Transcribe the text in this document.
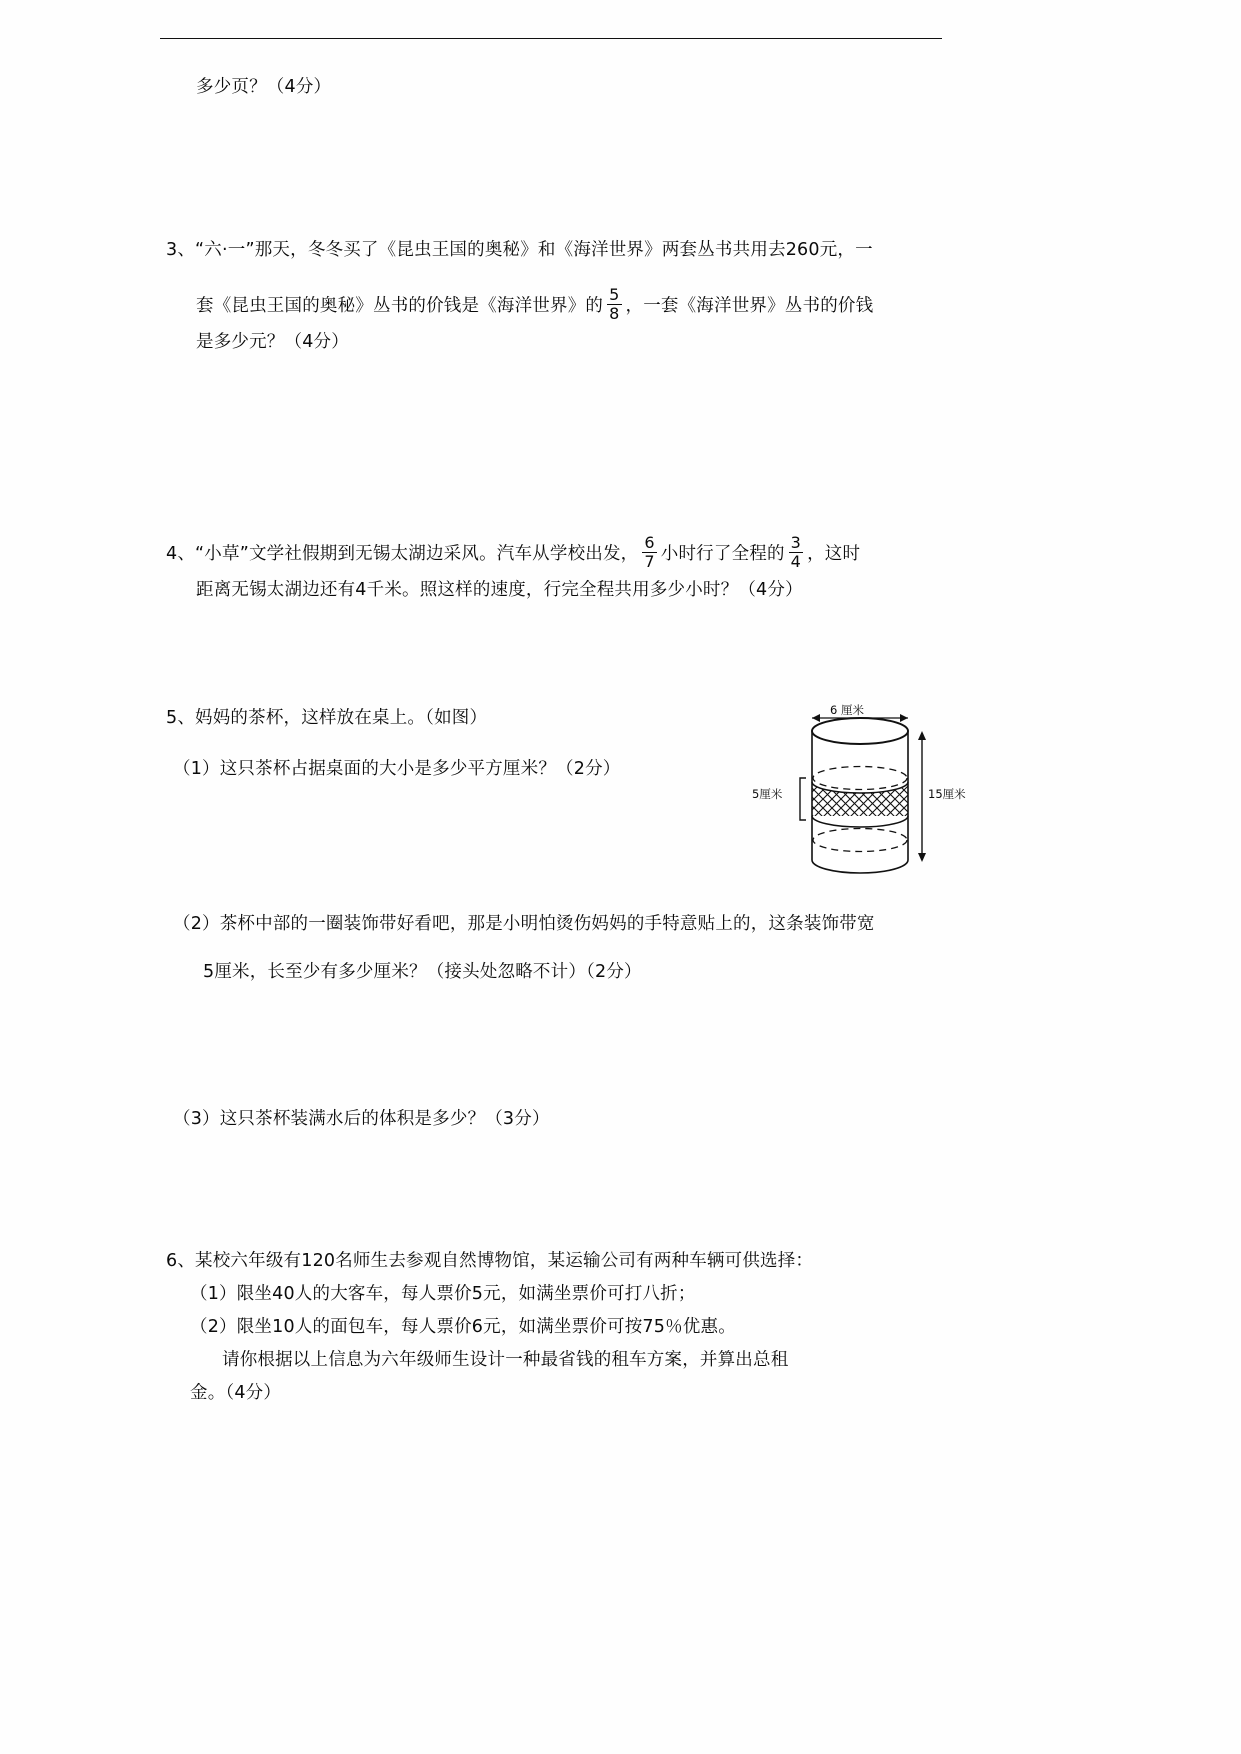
多少页？（4分）
3、“六·一”那天，冬冬买了《昆虫王国的奥秘》和《海洋世界》两套丛书共用去260元，一
套《昆虫王国的奥秘》丛书的价钱是《海洋世界》的 $\frac{5}{8}$ ，一套《海洋世界》丛书的价钱
是多少元？（4分）
4、“小草”文学社假期到无锡太湖边采风。汽车从学校出发， $\frac{6}{7}$ 小时行了全程的 $\frac{3}{4}$ ，这时
距离无锡太湖边还有4千米。照这样的速度，行完全程共用多少小时？（4分）
5、妈妈的茶杯，这样放在桌上。（如图）
（1）这只茶杯占据桌面的大小是多少平方厘米？（2分）
（2）茶杯中部的一圈装饰带好看吧，那是小明怕烫伤妈妈的手特意贴上的，这条装饰带宽
5厘米，长至少有多少厘米？（接头处忽略不计）（2分）
（3）这只茶杯装满水后的体积是多少？（3分）
6、某校六年级有120名师生去参观自然博物馆，某运输公司有两种车辆可供选择：
（1）限坐40人的大客车，每人票价5元，如满坐票价可打八折；
（2）限坐10人的面包车，每人票价6元，如满坐票价可按75％优惠。
请你根据以上信息为六年级师生设计一种最省钱的租车方案，并算出总租
金。（4分）
6 厘米
5厘米	15厘米
